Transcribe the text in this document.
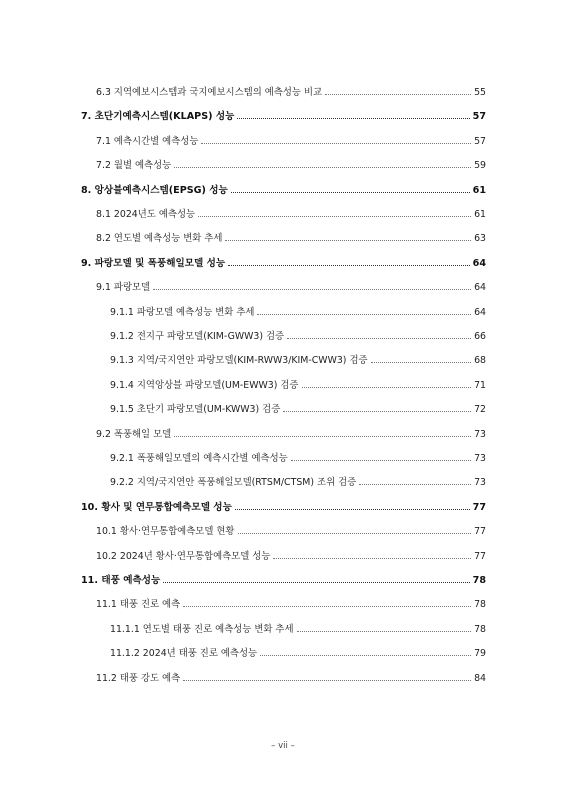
6.3 지역예보시스템과 국지예보시스템의 예측성능 비교	55
7. 초단기예측시스템(KLAPS) 성능	57
7.1 예측시간별 예측성능	57
7.2 월별 예측성능	59
8. 앙상블예측시스템(EPSG) 성능	61
8.1 2024년도 예측성능	61
8.2 연도별 예측성능 변화 추세	63
9. 파랑모델 및 폭풍해일모델 성능	64
9.1 파랑모델	64
9.1.1 파랑모델 예측성능 변화 추세	64
9.1.2 전지구 파랑모델(KIM-GWW3) 검증	66
9.1.3 지역/국지연안 파랑모델(KIM-RWW3/KIM-CWW3) 검증	68
9.1.4 지역앙상블 파랑모델(UM-EWW3) 검증	71
9.1.5 초단기 파랑모델(UM-KWW3) 검증	72
9.2 폭풍해일 모델	73
9.2.1 폭풍해일모델의 예측시간별 예측성능	73
9.2.2 지역/국지연안 폭풍해일모델(RTSM/CTSM) 조위 검증	73
10. 황사 및 연무통합예측모델 성능	77
10.1 황사·연무통합예측모델 현황	77
10.2 2024년 황사·연무통합예측모델 성능	77
11. 태풍 예측성능	78
11.1 태풍 진로 예측	78
11.1.1 연도별 태풍 진로 예측성능 변화 추세	78
11.1.2 2024년 태풍 진로 예측성능	79
11.2 태풍 강도 예측	84
– vii –
